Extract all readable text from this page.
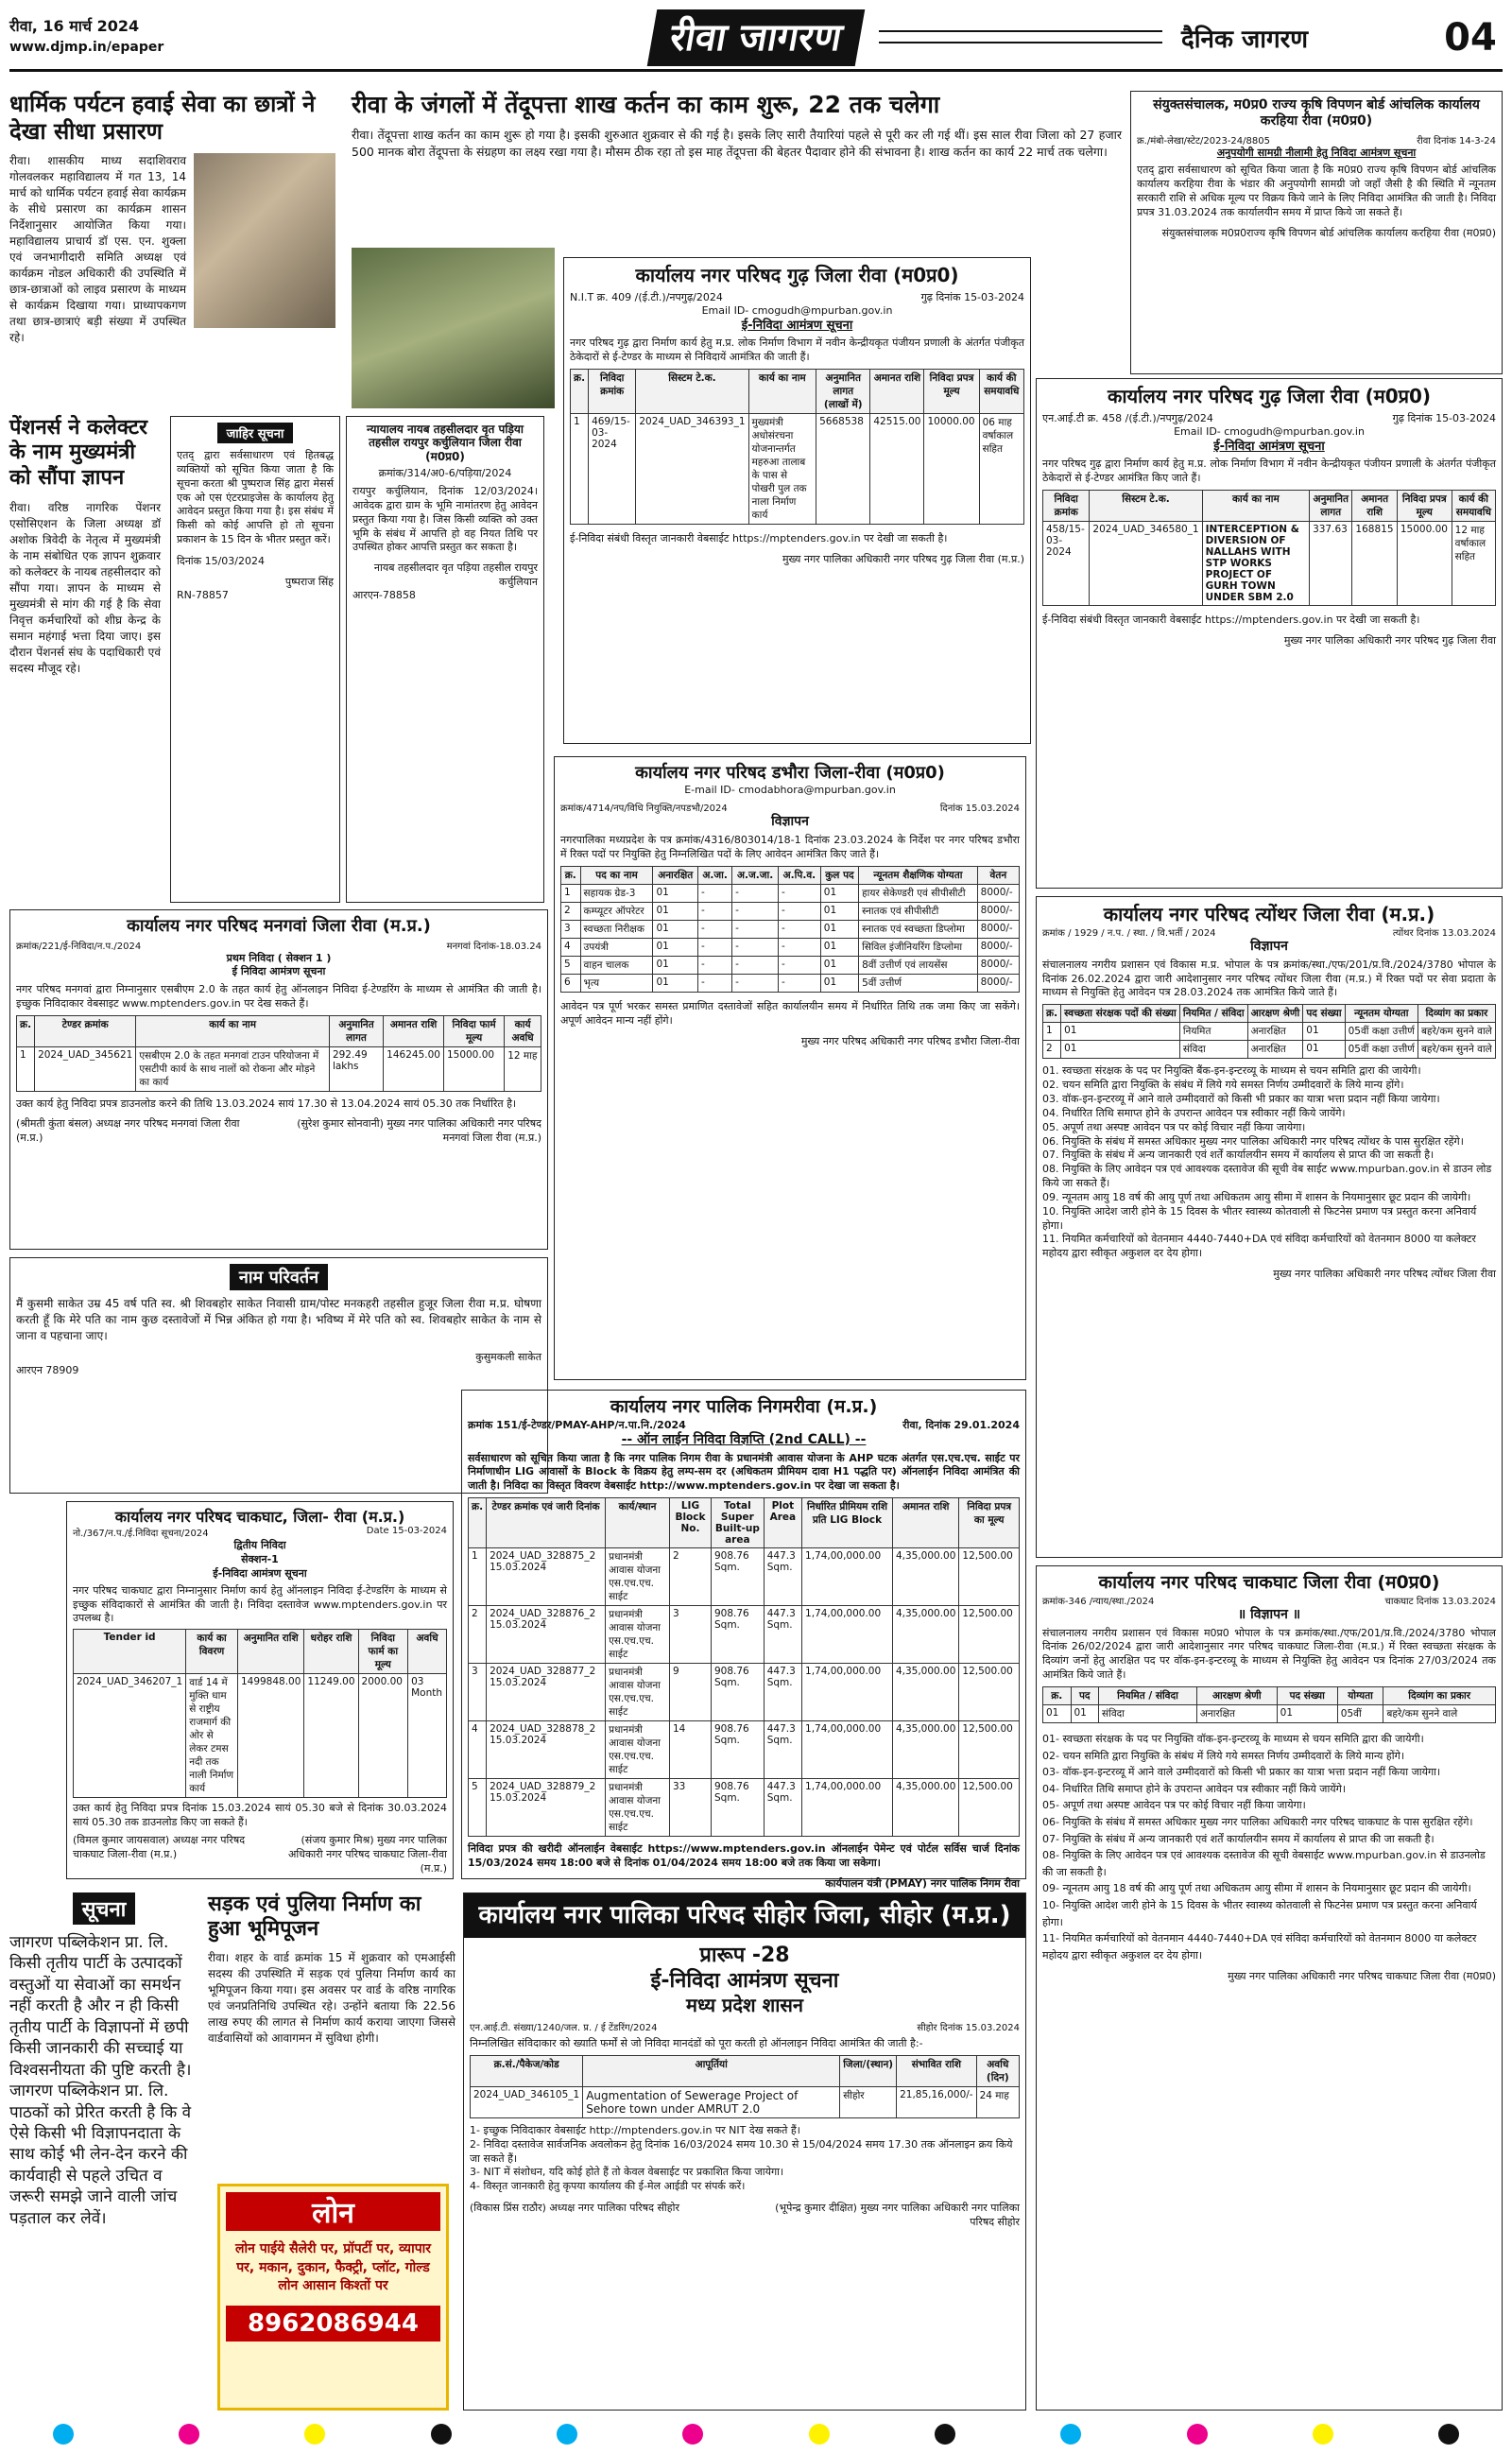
रीवा, 16 मार्च 2024
www.djmp.in/epaper	रीवा जागरण	दैनिक जागरण	04
धार्मिक पर्यटन हवाई सेवा का छात्रों ने देखा सीधा प्रसारण
रीवा। शासकीय माध्य सदाशिवराव गोलवलकर महाविद्यालय में गत 13, 14 मार्च को धार्मिक पर्यटन हवाई सेवा कार्यक्रम के सीधे प्रसारण का कार्यक्रम शासन निर्देशानुसार आयोजित किया गया। महाविद्यालय प्राचार्य डॉ एस. एन. शुक्ला एवं जनभागीदारी समिति अध्यक्ष एवं कार्यक्रम नोडल अधिकारी की उपस्थिति में छात्र-छात्राओं को लाइव प्रसारण के माध्यम से कार्यक्रम दिखाया गया। प्राध्यापकगण तथा छात्र-छात्राएं बड़ी संख्या में उपस्थित रहे।
पेंशनर्स ने कलेक्टर के नाम मुख्यमंत्री को सौंपा ज्ञापन
रीवा। वरिष्ठ नागरिक पेंशनर एसोसिएशन के जिला अध्यक्ष डॉ अशोक त्रिवेदी के नेतृत्व में मुख्यमंत्री के नाम संबोधित एक ज्ञापन शुक्रवार को कलेक्टर के नायब तहसीलदार को सौंपा गया। ज्ञापन के माध्यम से मुख्यमंत्री से मांग की गई है कि सेवा निवृत्त कर्मचारियों को शीघ्र केन्द्र के समान महंगाई भत्ता दिया जाए। इस दौरान पेंशनर्स संघ के पदाधिकारी एवं सदस्य मौजूद रहे।
जाहिर सूचना
एतद् द्वारा सर्वसाधारण एवं हितबद्ध व्यक्तियों को सूचित किया जाता है कि सूचना करता श्री पुष्पराज सिंह द्वारा मेसर्स एक ओ एस एंटरप्राइजेस के कार्यालय हेतु आवेदन प्रस्तुत किया गया है। इस संबंध में किसी को कोई आपत्ति हो तो सूचना प्रकाशन के 15 दिन के भीतर प्रस्तुत करें।
दिनांक 15/03/2024
पुष्पराज सिंह
RN-78857
न्यायालय नायब तहसीलदार वृत पड़िया तहसील रायपुर कर्चुलियान जिला रीवा (म0प्र0)
क्रमांक/314/अ0-6/पड़िया/2024
रायपुर कर्चुलियान, दिनांक 12/03/2024। आवेदक द्वारा ग्राम के भूमि नामांतरण हेतु आवेदन प्रस्तुत किया गया है। जिस किसी व्यक्ति को उक्त भूमि के संबंध में आपत्ति हो वह नियत तिथि पर उपस्थित होकर आपत्ति प्रस्तुत कर सकता है।
नायब तहसीलदार वृत पड़िया तहसील रायपुर कर्चुलियान
आरएन-78858
रीवा के जंगलों में तेंदूपत्ता शाख कर्तन का काम शुरू, 22 तक चलेगा
रीवा। तेंदूपत्ता शाख कर्तन का काम शुरू हो गया है। इसकी शुरुआत शुक्रवार से की गई है। इसके लिए सारी तैयारियां पहले से पूरी कर ली गई थीं। इस साल रीवा जिला को 27 हजार 500 मानक बोरा तेंदूपत्ता के संग्रहण का लक्ष्य रखा गया है। मौसम ठीक रहा तो इस माह तेंदूपत्ता की बेहतर पैदावार होने की संभावना है। शाख कर्तन का कार्य 22 मार्च तक चलेगा।
कार्यालय नगर परिषद गुढ़ जिला रीवा (म0प्र0)
N.I.T क्र. 409 /(ई.टी.)/नपगुढ़/2024	गुढ़ दिनांक 15-03-2024
Email ID- cmogudh@mpurban.gov.in
ई-निविदा आमंत्रण सूचना
नगर परिषद गुढ़ द्वारा निर्माण कार्य हेतु म.प्र. लोक निर्माण विभाग में नवीन केन्द्रीयकृत पंजीयन प्रणाली के अंतर्गत पंजीकृत ठेकेदारों से ई-टेण्डर के माध्यम से निविदायें आमंत्रित की जाती हैं।
क्र.	निविदा क्रमांक	सिस्टम टे.क.	कार्य का नाम	अनुमानित लागत (लाखों में)	अमानत राशि	निविदा प्रपत्र मूल्य	कार्य की समयावधि
1	469/15-03-2024	2024_UAD_346393_1	मुख्यमंत्री अधोसंरचना योजनान्तर्गत महरुआ तालाब के पास से पोखरी पुल तक नाला निर्माण कार्य	5668538	42515.00	10000.00	06 माह वर्षाकाल सहित
ई-निविदा संबंधी विस्तृत जानकारी वेबसाईट https://mptenders.gov.in पर देखी जा सकती है।
मुख्य नगर पालिका अधिकारी नगर परिषद गुढ़ जिला रीवा (म.प्र.)
कार्यालय नगर परिषद डभौरा जिला-रीवा (म0प्र0)
E-mail ID- cmodabhora@mpurban.gov.in
क्रमांक/4714/नप/विधि नियुक्ति/नपडभौ/2024	दिनांक 15.03.2024
विज्ञापन
नगरपालिका मध्यप्रदेश के पत्र क्रमांक/4316/803014/18-1 दिनांक 23.03.2024 के निर्देश पर नगर परिषद डभौरा में रिक्त पदों पर नियुक्ति हेतु निम्नलिखित पदों के लिए आवेदन आमंत्रित किए जाते हैं।
क्र.	पद का नाम	अनारक्षित	अ.जा.	अ.ज.जा.	अ.पि.व.	कुल पद	न्यूनतम शैक्षणिक योग्यता	वेतन
1	सहायक ग्रेड-3	01	-	-	-	01	हायर सेकेण्डरी एवं सीपीसीटी	8000/-
2	कम्प्यूटर ऑपरेटर	01	-	-	-	01	स्नातक एवं सीपीसीटी	8000/-
3	स्वच्छता निरीक्षक	01	-	-	-	01	स्नातक एवं स्वच्छता डिप्लोमा	8000/-
4	उपयंत्री	01	-	-	-	01	सिविल इंजीनियरिंग डिप्लोमा	8000/-
5	वाहन चालक	01	-	-	-	01	8वीं उत्तीर्ण एवं लायसेंस	8000/-
6	भृत्य	01	-	-	-	01	5वीं उत्तीर्ण	8000/-
आवेदन पत्र पूर्ण भरकर समस्त प्रमाणित दस्तावेजों सहित कार्यालयीन समय में निर्धारित तिथि तक जमा किए जा सकेंगे। अपूर्ण आवेदन मान्य नहीं होंगे।
मुख्य नगर परिषद अधिकारी नगर परिषद डभौरा जिला-रीवा
संयुक्तसंचालक, म0प्र0 राज्य कृषि विपणन बोर्ड आंचलिक कार्यालय करहिया रीवा (म0प्र0)
क्र./मंबो-लेखा/स्टेट/2023-24/8805	रीवा दिनांक 14-3-24
अनुपयोगी सामग्री नीलामी हेतु निविदा आमंत्रण सूचना
एतद् द्वारा सर्वसाधारण को सूचित किया जाता है कि म0प्र0 राज्य कृषि विपणन बोर्ड आंचलिक कार्यालय करहिया रीवा के भंडार की अनुपयोगी सामग्री जो जहाँ जैसी है की स्थिति में न्यूनतम सरकारी राशि से अधिक मूल्य पर विक्रय किये जाने के लिए निविदा आमंत्रित की जाती है। निविदा प्रपत्र 31.03.2024 तक कार्यालयीन समय में प्राप्त किये जा सकते हैं।
संयुक्तसंचालक म0प्र0राज्य कृषि विपणन बोर्ड आंचलिक कार्यालय करहिया रीवा (म0प्र0)
कार्यालय नगर परिषद गुढ़ जिला रीवा (म0प्र0)
एन.आई.टी क्र. 458 /(ई.टी.)/नपगुढ़/2024	गुढ़ दिनांक 15-03-2024
Email ID- cmogudh@mpurban.gov.in
ई-निविदा आमंत्रण सूचना
नगर परिषद गुढ़ द्वारा निर्माण कार्य हेतु म.प्र. लोक निर्माण विभाग में नवीन केन्द्रीयकृत पंजीयन प्रणाली के अंतर्गत पंजीकृत ठेकेदारों से ई-टेण्डर आमंत्रित किए जाते हैं।
निविदा क्रमांक	सिस्टम टे.क.	कार्य का नाम	अनुमानित लागत	अमानत राशि	निविदा प्रपत्र मूल्य	कार्य की समयावधि
458/15-03-2024	2024_UAD_346580_1	INTERCEPTION & DIVERSION OF NALLAHS WITH STP WORKS PROJECT OF GURH TOWN UNDER SBM 2.0	337.63	168815	15000.00	12 माह वर्षाकाल सहित
ई-निविदा संबंधी विस्तृत जानकारी वेबसाईट https://mptenders.gov.in पर देखी जा सकती है।
मुख्य नगर पालिका अधिकारी नगर परिषद गुढ़ जिला रीवा
कार्यालय नगर परिषद मनगवां जिला रीवा (म.प्र.)
क्रमांक/221/ई-निविदा/न.प./2024	मनगवां दिनांक-18.03.24
प्रथम निविदा ( सेक्शन 1 )
ई निविदा आमंत्रण सूचना
नगर परिषद मनगवां द्वारा निम्नानुसार एसबीएम 2.0 के तहत कार्य हेतु ऑनलाइन निविदा ई-टेण्डरिंग के माध्यम से आमंत्रित की जाती है। इच्छुक निविदाकार वेबसाइट www.mptenders.gov.in पर देख सकते हैं।
क्र.	टेण्डर क्रमांक	कार्य का नाम	अनुमानित लागत	अमानत राशि	निविदा फार्म मूल्य	कार्य अवधि
1	2024_UAD_345621	एसबीएम 2.0 के तहत मनगवां टाउन परियोजना में एसटीपी कार्य के साथ नालों को रोकना और मोड़ने का कार्य	292.49 lakhs	146245.00	15000.00	12 माह
उक्त कार्य हेतु निविदा प्रपत्र डाउनलोड करने की तिथि 13.03.2024 सायं 17.30 से 13.04.2024 सायं 05.30 तक निर्धारित है।
(श्रीमती कुंता बंसल) अध्यक्ष नगर परिषद मनगवां जिला रीवा (म.प्र.)
(सुरेश कुमार सोनवानी) मुख्य नगर पालिका अधिकारी नगर परिषद मनगवां जिला रीवा (म.प्र.)
नाम परिवर्तन
मैं कुसमी साकेत उम्र 45 वर्ष पति स्व. श्री शिवबहोर साकेत निवासी ग्राम/पोस्ट मनकहरी तहसील हुजूर जिला रीवा म.प्र. घोषणा करती हूँ कि मेरे पति का नाम कुछ दस्तावेजों में भिन्न अंकित हो गया है। भविष्य में मेरे पति को स्व. शिवबहोर साकेत के नाम से जाना व पहचाना जाए।
कुसुमकली साकेत
आरएन 78909
कार्यालय नगर परिषद चाकघाट, जिला- रीवा (म.प्र.)
नो./367/न.प./ई.निविदा सूचना/2024	Date 15-03-2024
द्वितीय निविदा
सेक्शन-1
ई-निविदा आमंत्रण सूचना
नगर परिषद चाकघाट द्वारा निम्नानुसार निर्माण कार्य हेतु ऑनलाइन निविदा ई-टेण्डरिंग के माध्यम से इच्छुक संविदाकारों से आमंत्रित की जाती है। निविदा दस्तावेज www.mptenders.gov.in पर उपलब्ध है।
Tender id	कार्य का विवरण	अनुमानित राशि	धरोहर राशि	निविदा फार्म का मूल्य	अवधि
2024_UAD_346207_1	वार्ड 14 में मुक्ति धाम से राष्ट्रीय राजमार्ग की ओर से लेकर टमस नदी तक नाली निर्माण कार्य	1499848.00	11249.00	2000.00	03 Month
उक्त कार्य हेतु निविदा प्रपत्र दिनांक 15.03.2024 सायं 05.30 बजे से दिनांक 30.03.2024 सायं 05.30 तक डाउनलोड किए जा सकते हैं।
(विमल कुमार जायसवाल) अध्यक्ष नगर परिषद चाकघाट जिला-रीवा (म.प्र.)
(संजय कुमार मिश्र) मुख्य नगर पालिका अधिकारी नगर परिषद चाकघाट जिला-रीवा (म.प्र.)
कार्यालय नगर पालिक निगमरीवा (म.प्र.)
क्रमांक 151/ई-टेण्डर/PMAY-AHP/न.पा.नि./2024	रीवा, दिनांक 29.01.2024
-- ऑन लाईन निविदा विज्ञप्ति (2nd CALL) --
सर्वसाधारण को सूचित किया जाता है कि नगर पालिक निगम रीवा के प्रधानमंत्री आवास योजना के AHP घटक अंतर्गत एस.एच.एच. साईट पर निर्माणाधीन LIG आवासों के Block के विक्रय हेतु लम्प-सम दर (अधिकतम प्रीमियम दावा H1 पद्धति पर) ऑनलाईन निविदा आमंत्रित की जाती है। निविदा का विस्तृत विवरण वेबसाईट http://www.mptenders.gov.in पर देखा जा सकता है।
क्र.	टेण्डर क्रमांक एवं जारी दिनांक	कार्य/स्थान	LIG Block No.	Total Super Built-up area	Plot Area	निर्धारित प्रीमियम राशि प्रति LIG Block	अमानत राशि	निविदा प्रपत्र का मूल्य
1	2024_UAD_328875_2 15.03.2024	प्रधानमंत्री आवास योजना एस.एच.एच. साईट	2	908.76 Sqm.	447.3 Sqm.	1,74,00,000.00	4,35,000.00	12,500.00
2	2024_UAD_328876_2 15.03.2024	प्रधानमंत्री आवास योजना एस.एच.एच. साईट	3	908.76 Sqm.	447.3 Sqm.	1,74,00,000.00	4,35,000.00	12,500.00
3	2024_UAD_328877_2 15.03.2024	प्रधानमंत्री आवास योजना एस.एच.एच. साईट	9	908.76 Sqm.	447.3 Sqm.	1,74,00,000.00	4,35,000.00	12,500.00
4	2024_UAD_328878_2 15.03.2024	प्रधानमंत्री आवास योजना एस.एच.एच. साईट	14	908.76 Sqm.	447.3 Sqm.	1,74,00,000.00	4,35,000.00	12,500.00
5	2024_UAD_328879_2 15.03.2024	प्रधानमंत्री आवास योजना एस.एच.एच. साईट	33	908.76 Sqm.	447.3 Sqm.	1,74,00,000.00	4,35,000.00	12,500.00
निविदा प्रपत्र की खरीदी ऑनलाईन वेबसाईट https://www.mptenders.gov.in ऑनलाईन पेमेन्ट एवं पोर्टल सर्विस चार्ज दिनांक 15/03/2024 समय 18:00 बजे से दिनांक 01/04/2024 समय 18:00 बजे तक किया जा सकेगा।
कार्यपालन यंत्री (PMAY) नगर पालिक निगम रीवा
कार्यालय नगर परिषद त्योंथर जिला रीवा (म.प्र.)
क्रमांक / 1929 / न.प. / स्था. / वि.भर्ती / 2024	त्योंथर दिनांक 13.03.2024
विज्ञापन
संचालनालय नगरीय प्रशासन एवं विकास म.प्र. भोपाल के पत्र क्रमांक/स्था./एफ/201/प्र.वि./2024/3780 भोपाल के दिनांक 26.02.2024 द्वारा जारी आदेशानुसार नगर परिषद त्योंथर जिला रीवा (म.प्र.) में रिक्त पदों पर सेवा प्रदाता के माध्यम से नियुक्ति हेतु आवेदन पत्र 28.03.2024 तक आमंत्रित किये जाते हैं।
क्र.	स्वच्छता संरक्षक पदों की संख्या	नियमित / संविदा	आरक्षण श्रेणी	पद संख्या	न्यूनतम योग्यता	दिव्यांग का प्रकार
1	01	नियमित	अनारक्षित	01	05वीं कक्षा उत्तीर्ण	बहरे/कम सुनने वाले
2	01	संविदा	अनारक्षित	01	05वीं कक्षा उत्तीर्ण	बहरे/कम सुनने वाले
01. स्वच्छता संरक्षक के पद पर नियुक्ति बैंक-इन-इन्टरव्यू के माध्यम से चयन समिति द्वारा की जायेगी।
02. चयन समिति द्वारा नियुक्ति के संबंध में लिये गये समस्त निर्णय उम्मीदवारों के लिये मान्य होंगे।
03. वॉक-इन-इन्टरव्यू में आने वाले उम्मीदवारों को किसी भी प्रकार का यात्रा भत्ता प्रदान नहीं किया जायेगा।
04. निर्धारित तिथि समाप्त होने के उपरान्त आवेदन पत्र स्वीकार नहीं किये जायेंगे।
05. अपूर्ण तथा अस्पष्ट आवेदन पत्र पर कोई विचार नहीं किया जायेगा।
06. नियुक्ति के संबंध में समस्त अधिकार मुख्य नगर पालिका अधिकारी नगर परिषद त्योंथर के पास सुरक्षित रहेंगे।
07. नियुक्ति के संबंध में अन्य जानकारी एवं शर्तें कार्यालयीन समय में कार्यालय से प्राप्त की जा सकती है।
08. नियुक्ति के लिए आवेदन पत्र एवं आवश्यक दस्तावेज की सूची वेब साईट www.mpurban.gov.in से डाउन लोड किये जा सकते हैं।
09. न्यूनतम आयु 18 वर्ष की आयु पूर्ण तथा अधिकतम आयु सीमा में शासन के नियमानुसार छूट प्रदान की जायेगी।
10. नियुक्ति आदेश जारी होने के 15 दिवस के भीतर स्वास्थ्य कोतवाली से फिटनेस प्रमाण पत्र प्रस्तुत करना अनिवार्य होगा।
11. नियमित कर्मचारियों को वेतनमान 4440-7440+DA एवं संविदा कर्मचारियों को वेतनमान 8000 या कलेक्टर महोदय द्वारा स्वीकृत अकुशल दर देय होगा।
मुख्य नगर पालिका अधिकारी नगर परिषद त्योंथर जिला रीवा
कार्यालय नगर परिषद चाकघाट जिला रीवा (म0प्र0)
क्रमांक-346 /न्याय/स्था./2024	चाकघाट दिनांक 13.03.2024
॥ विज्ञापन ॥
संचालनालय नगरीय प्रशासन एवं विकास म0प्र0 भोपाल के पत्र क्रमांक/स्था./एफ/201/प्र.वि./2024/3780 भोपाल दिनांक 26/02/2024 द्वारा जारी आदेशानुसार नगर परिषद चाकघाट जिला-रीवा (म.प्र.) में रिक्त स्वच्छता संरक्षक के दिव्यांग जनों हेतु आरक्षित पद पर वॉक-इन-इन्टरव्यू के माध्यम से नियुक्ति हेतु आवेदन पत्र दिनांक 27/03/2024 तक आमंत्रित किये जाते हैं।
क्र.	पद	नियमित / संविदा	आरक्षण श्रेणी	पद संख्या	योग्यता	दिव्यांग का प्रकार
01	01	संविदा	अनारक्षित	01	05वीं	बहरे/कम सुनने वाले
01- स्वच्छता संरक्षक के पद पर नियुक्ति वॉक-इन-इन्टरव्यू के माध्यम से चयन समिति द्वारा की जायेगी।
02- चयन समिति द्वारा नियुक्ति के संबंध में लिये गये समस्त निर्णय उम्मीदवारों के लिये मान्य होंगे।
03- वॉक-इन-इन्टरव्यू में आने वाले उम्मीदवारों को किसी भी प्रकार का यात्रा भत्ता प्रदान नहीं किया जायेगा।
04- निर्धारित तिथि समाप्त होने के उपरान्त आवेदन पत्र स्वीकार नहीं किये जायेंगे।
05- अपूर्ण तथा अस्पष्ट आवेदन पत्र पर कोई विचार नहीं किया जायेगा।
06- नियुक्ति के संबंध में समस्त अधिकार मुख्य नगर पालिका अधिकारी नगर परिषद चाकघाट के पास सुरक्षित रहेंगे।
07- नियुक्ति के संबंध में अन्य जानकारी एवं शर्तें कार्यालयीन समय में कार्यालय से प्राप्त की जा सकती है।
08- नियुक्ति के लिए आवेदन पत्र एवं आवश्यक दस्तावेज की सूची वेबसाईट www.mpurban.gov.in से डाउनलोड की जा सकती है।
09- न्यूनतम आयु 18 वर्ष की आयु पूर्ण तथा अधिकतम आयु सीमा में शासन के नियमानुसार छूट प्रदान की जायेगी।
10- नियुक्ति आदेश जारी होने के 15 दिवस के भीतर स्वास्थ्य कोतवाली से फिटनेस प्रमाण पत्र प्रस्तुत करना अनिवार्य होगा।
11- नियमित कर्मचारियों को वेतनमान 4440-7440+DA एवं संविदा कर्मचारियों को वेतनमान 8000 या कलेक्टर महोदय द्वारा स्वीकृत अकुशल दर देय होगा।
मुख्य नगर पालिका अधिकारी नगर परिषद चाकघाट जिला रीवा (म0प्र0)
सूचना
जागरण पब्लिकेशन प्रा. लि. किसी तृतीय पार्टी के उत्पादकों वस्तुओं या सेवाओं का समर्थन नहीं करती है और न ही किसी तृतीय पार्टी के विज्ञापनों में छपी किसी जानकारी की सच्चाई या विश्वसनीयता की पुष्टि करती है। जागरण पब्लिकेशन प्रा. लि. पाठकों को प्रेरित करती है कि वे ऐसे किसी भी विज्ञापनदाता के साथ कोई भी लेन-देन करने की कार्यवाही से पहले उचित व जरूरी समझे जाने वाली जांच पड़ताल कर लेवें।
सड़क एवं पुलिया निर्माण का हुआ भूमिपूजन
रीवा। शहर के वार्ड क्रमांक 15 में शुक्रवार को एमआईसी सदस्य की उपस्थिति में सड़क एवं पुलिया निर्माण कार्य का भूमिपूजन किया गया। इस अवसर पर वार्ड के वरिष्ठ नागरिक एवं जनप्रतिनिधि उपस्थित रहे। उन्होंने बताया कि 22.56 लाख रुपए की लागत से निर्माण कार्य कराया जाएगा जिससे वार्डवासियों को आवागमन में सुविधा होगी।
लोन
लोन पाईये सैलेरी पर, प्रॉपर्टी पर, व्यापार पर, मकान, दुकान, फैक्ट्री, प्लॉट, गोल्ड लोन आसान किश्तों पर
8962086944
कार्यालय नगर पालिका परिषद सीहोर जिला, सीहोर (म.प्र.)
प्रारूप -28
ई-निविदा आमंत्रण सूचना
मध्य प्रदेश शासन
एन.आई.टी. संख्या/1240/जल. प्र. / ई टेंडरिंग/2024	सीहोर दिनांक 15.03.2024
निम्नलिखित संविदाकार को ख्याति फर्मों से जो निविदा मानदंडों को पूरा करती हो ऑनलाइन निविदा आमंत्रित की जाती है:-
क्र.सं./पैकेज/कोड	आपूर्तियां	जिला/(स्थान)	संभावित राशि	अवधि (दिन)
2024_UAD_346105_1	Augmentation of Sewerage Project of Sehore town under AMRUT 2.0	सीहोर	21,85,16,000/-	24 माह
1- इच्छुक निविदाकार वेबसाईट http://mptenders.gov.in पर NIT देख सकते हैं।
2- निविदा दस्तावेज सार्वजनिक अवलोकन हेतु दिनांक 16/03/2024 समय 10.30 से 15/04/2024 समय 17.30 तक ऑनलाइन क्रय किये जा सकते हैं।
3- NIT में संशोधन, यदि कोई होते हैं तो केवल वेबसाईट पर प्रकाशित किया जायेगा।
4- विस्तृत जानकारी हेतु कृपया कार्यालय की ई-मेल आईडी पर संपर्क करें।
(विकास प्रिंस राठौर) अध्यक्ष नगर पालिका परिषद सीहोर	(भूपेन्द्र कुमार दीक्षित) मुख्य नगर पालिका अधिकारी नगर पालिका परिषद सीहोर
